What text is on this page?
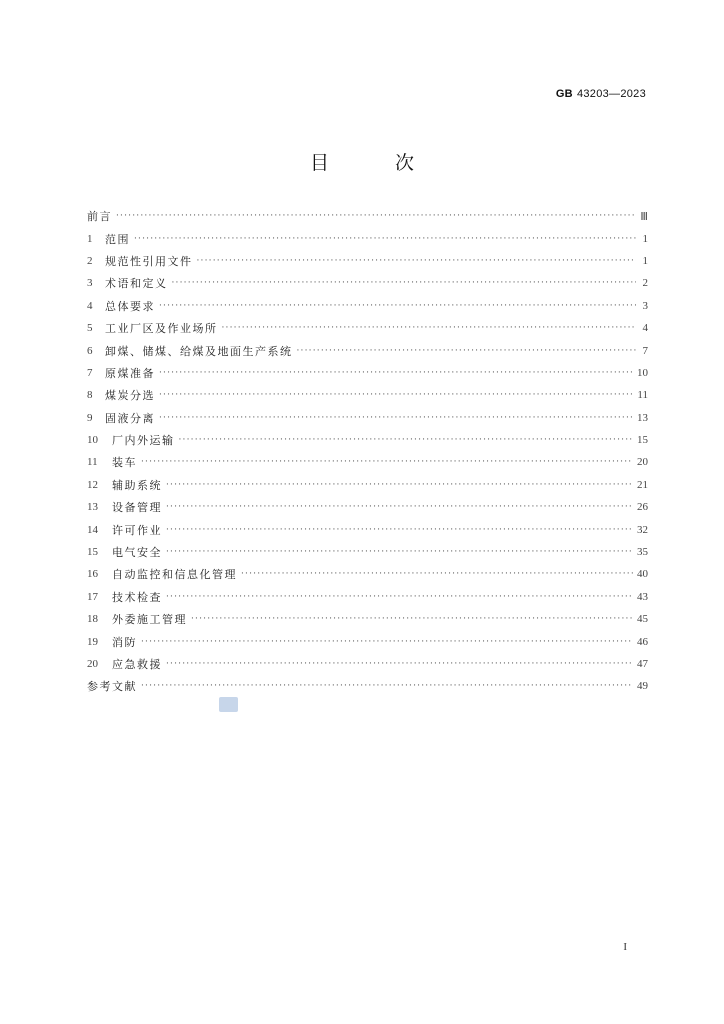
GB 43203—2023
目 次
前言 ·····	Ⅲ
1	范围 ·····	1
2	规范性引用文件 ·····	1
3	术语和定义 ·····	2
4	总体要求 ·····	3
5	工业厂区及作业场所 ·····	4
6	卸煤、储煤、给煤及地面生产系统 ·····	7
7	原煤准备 ·····	10
8	煤炭分选 ·····	11
9	固液分离 ·····	13
10	厂内外运输 ·····	15
11	装车 ·····	20
12	辅助系统 ·····	21
13	设备管理 ·····	26
14	许可作业 ·····	32
15	电气安全 ·····	35
16	自动监控和信息化管理 ·····	40
17	技术检查 ·····	43
18	外委施工管理 ·····	45
19	消防 ·····	46
20	应急救援 ·····	47
参考文献 ·····	49
I
